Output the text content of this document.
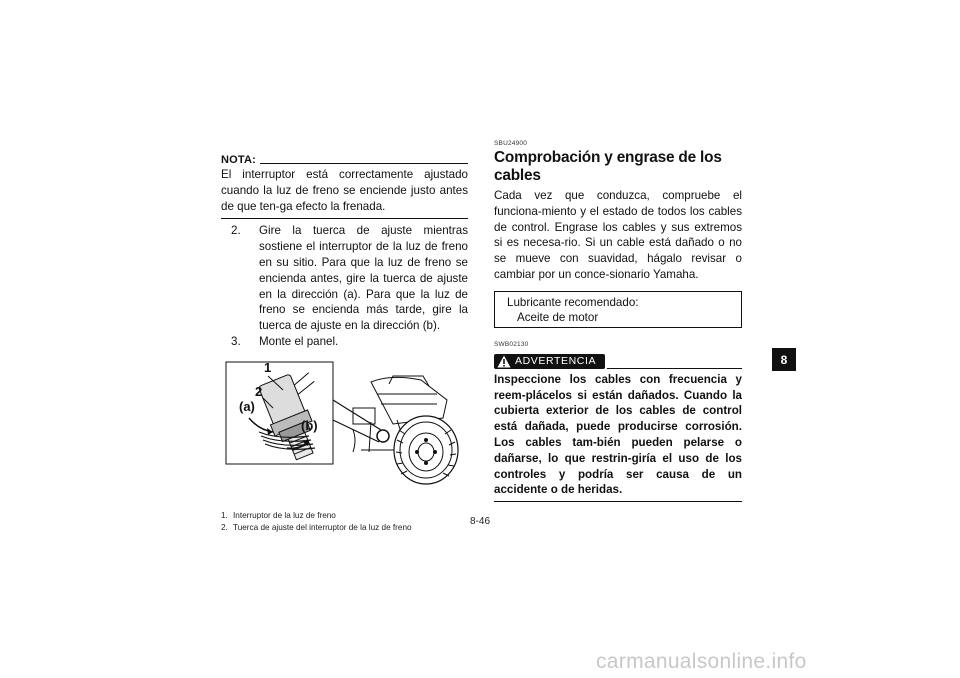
NOTA:
El interruptor está correctamente ajustado cuando la luz de freno se enciende justo antes de que ten-ga efecto la frenada.
2.	Gire la tuerca de ajuste mientras sostiene el interruptor de la luz de freno en su sitio. Para que la luz de freno se encienda antes, gire la tuerca de ajuste en la dirección (a). Para que la luz de freno se encienda más tarde, gire la tuerca de ajuste en la dirección (b).
3.	Monte el panel.
1
2
(a)
(b)
1. Interruptor de la luz de freno
2. Tuerca de ajuste del interruptor de la luz de freno
SBU24900
Comprobación y engrase de los cables
Cada vez que conduzca, compruebe el funciona-miento y el estado de todos los cables de control. Engrase los cables y sus extremos si es necesa-rio. Si un cable está dañado o no se mueve con suavidad, hágalo revisar o cambiar por un conce-sionario Yamaha.
Lubricante recomendado:
Aceite de motor
SWB02130
ADVERTENCIA
Inspeccione los cables con frecuencia y reem-plácelos si están dañados. Cuando la cubierta exterior de los cables de control está dañada, puede producirse corrosión. Los cables tam-bién pueden pelarse o dañarse, lo que restrin-giría el uso de los controles y podría ser causa de un accidente o de heridas.
8-46
8
carmanualsonline.info
